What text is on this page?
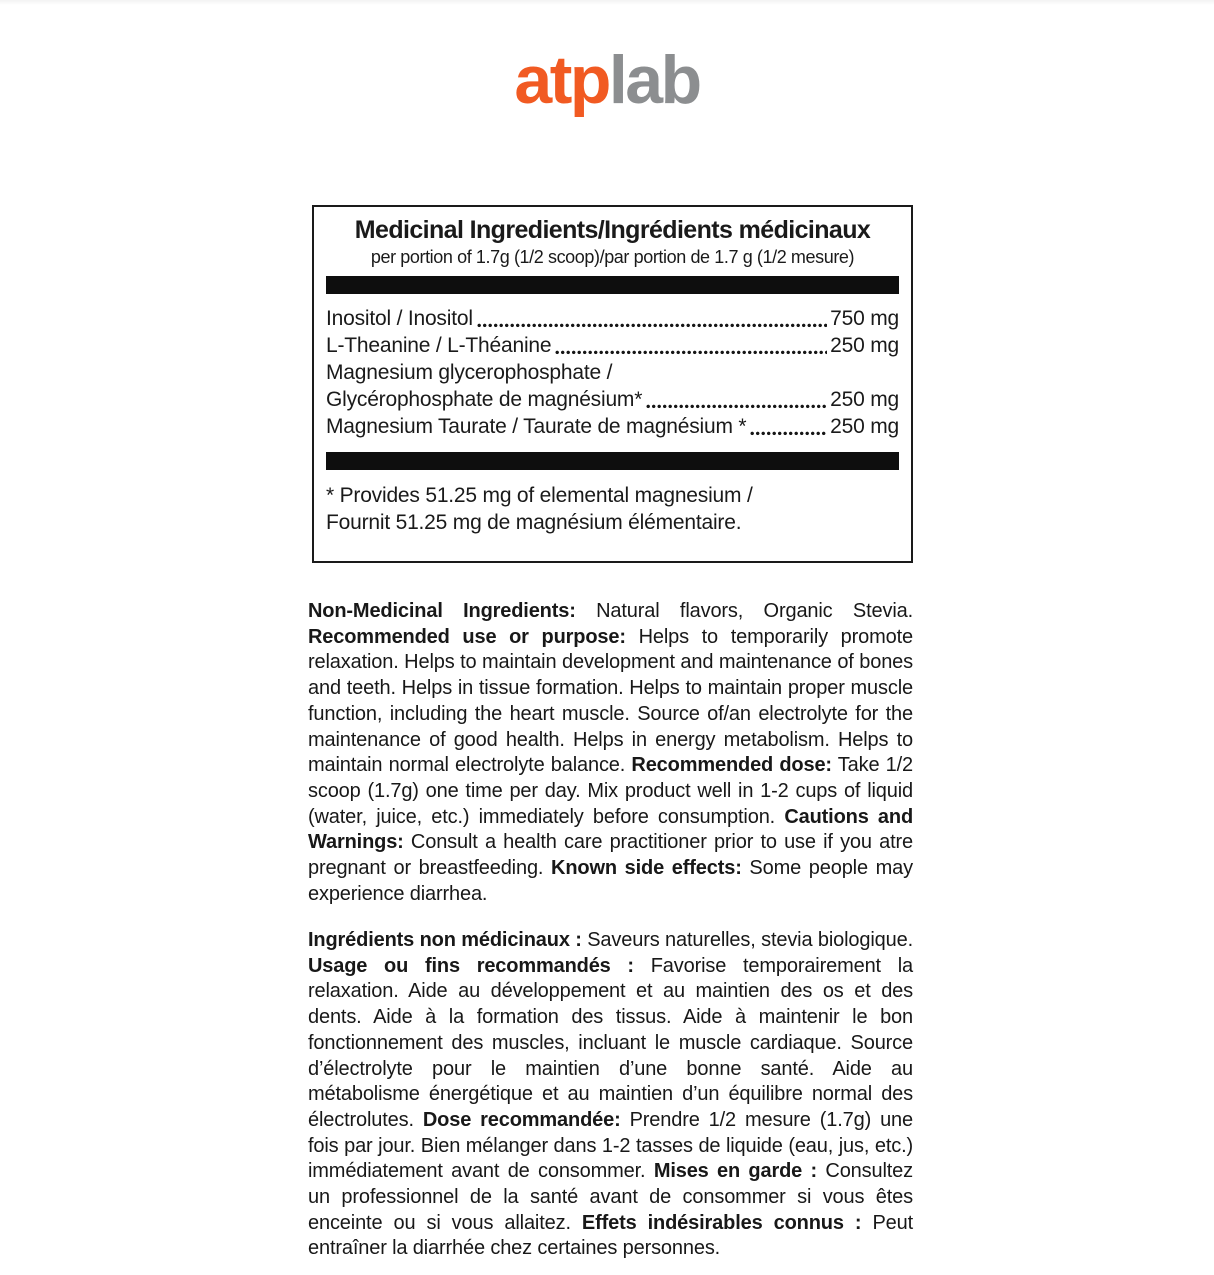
atplab
Medicinal Ingredients/Ingrédients médicinaux
per portion of 1.7g (1/2 scoop)/par portion de 1.7 g (1/2 mesure)
Inositol / Inositol	750 mg
L-Theanine / L-Théanine	250 mg
Magnesium glycerophosphate /
Glycérophosphate de magnésium*	250 mg
Magnesium Taurate / Taurate de magnésium *	250 mg
* Provides 51.25 mg of elemental magnesium /
Fournit 51.25 mg de magnésium élémentaire.
Non-Medicinal Ingredients: Natural flavors, Organic Stevia. Recommended use or purpose: Helps to temporarily promote relaxation. Helps to maintain development and maintenance of bones and teeth. Helps in tissue formation. Helps to maintain proper muscle function, including the heart muscle. Source of/an electrolyte for the maintenance of good health. Helps in energy metabolism. Helps to maintain normal electrolyte balance. Recommended dose: Take 1/2 scoop (1.7g) one time per day. Mix product well in 1-2 cups of liquid (water, juice, etc.) immediately before consumption. Cautions and Warnings: Consult a health care practitioner prior to use if you atre pregnant or breastfeeding. Known side effects: Some people may experience diarrhea.
Ingrédients non médicinaux : Saveurs naturelles, stevia biologique. Usage ou fins recommandés : Favorise temporairement la relaxation. Aide au développement et au maintien des os et des dents. Aide à la formation des tissus. Aide à maintenir le bon fonctionnement des muscles, incluant le muscle cardiaque. Source d’électrolyte pour le maintien d’une bonne santé. Aide au métabolisme énergétique et au maintien d’un équilibre normal des électrolutes. Dose recommandée: Prendre 1/2 mesure (1.7g) une fois par jour. Bien mélanger dans 1-2 tasses de liquide (eau, jus, etc.) immédiatement avant de consommer. Mises en garde : Consultez un professionnel de la santé avant de consommer si vous êtes enceinte ou si vous allaitez. Effets indésirables connus : Peut entraîner la diarrhée chez certaines personnes.
